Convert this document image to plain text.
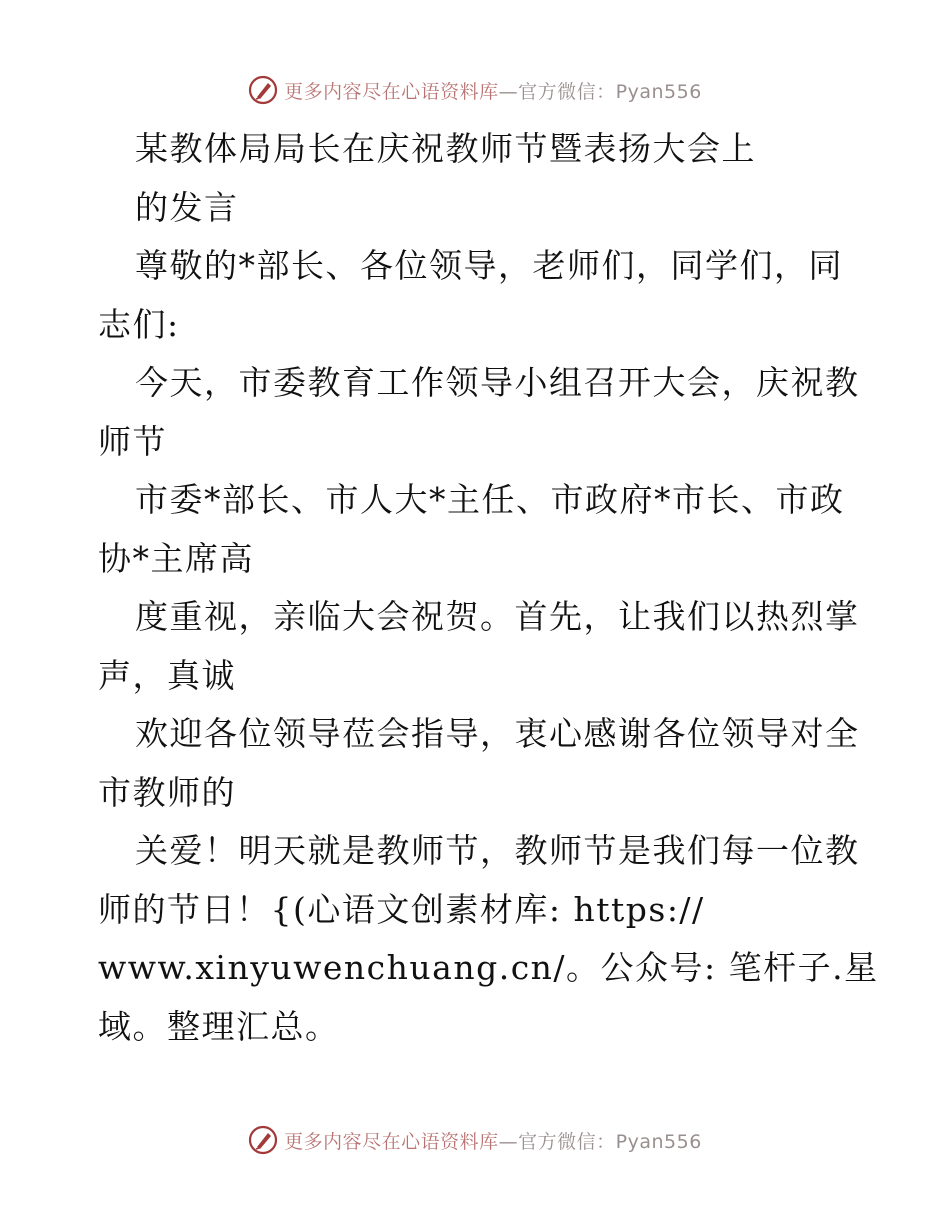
更多内容尽在心语资料库—官方微信：Pyan556
某教体局局长在庆祝教师节暨表扬大会上
的发言
尊敬的*部长、各位领导，老师们，同学们，同
志们:
今天，市委教育工作领导小组召开大会，庆祝教
师节
市委*部长、市人大*主任、市政府*市长、市政
协*主席高
度重视，亲临大会祝贺。首先，让我们以热烈掌
声，真诚
欢迎各位领导莅会指导，衷心感谢各位领导对全
市教师的
关爱！明天就是教师节，教师节是我们每一位教
师的节日！{(心语文创素材库: https://
www.xinyuwenchuang.cn/。公众号: 笔杆子.星
域。整理汇总。
更多内容尽在心语资料库—官方微信：Pyan556
